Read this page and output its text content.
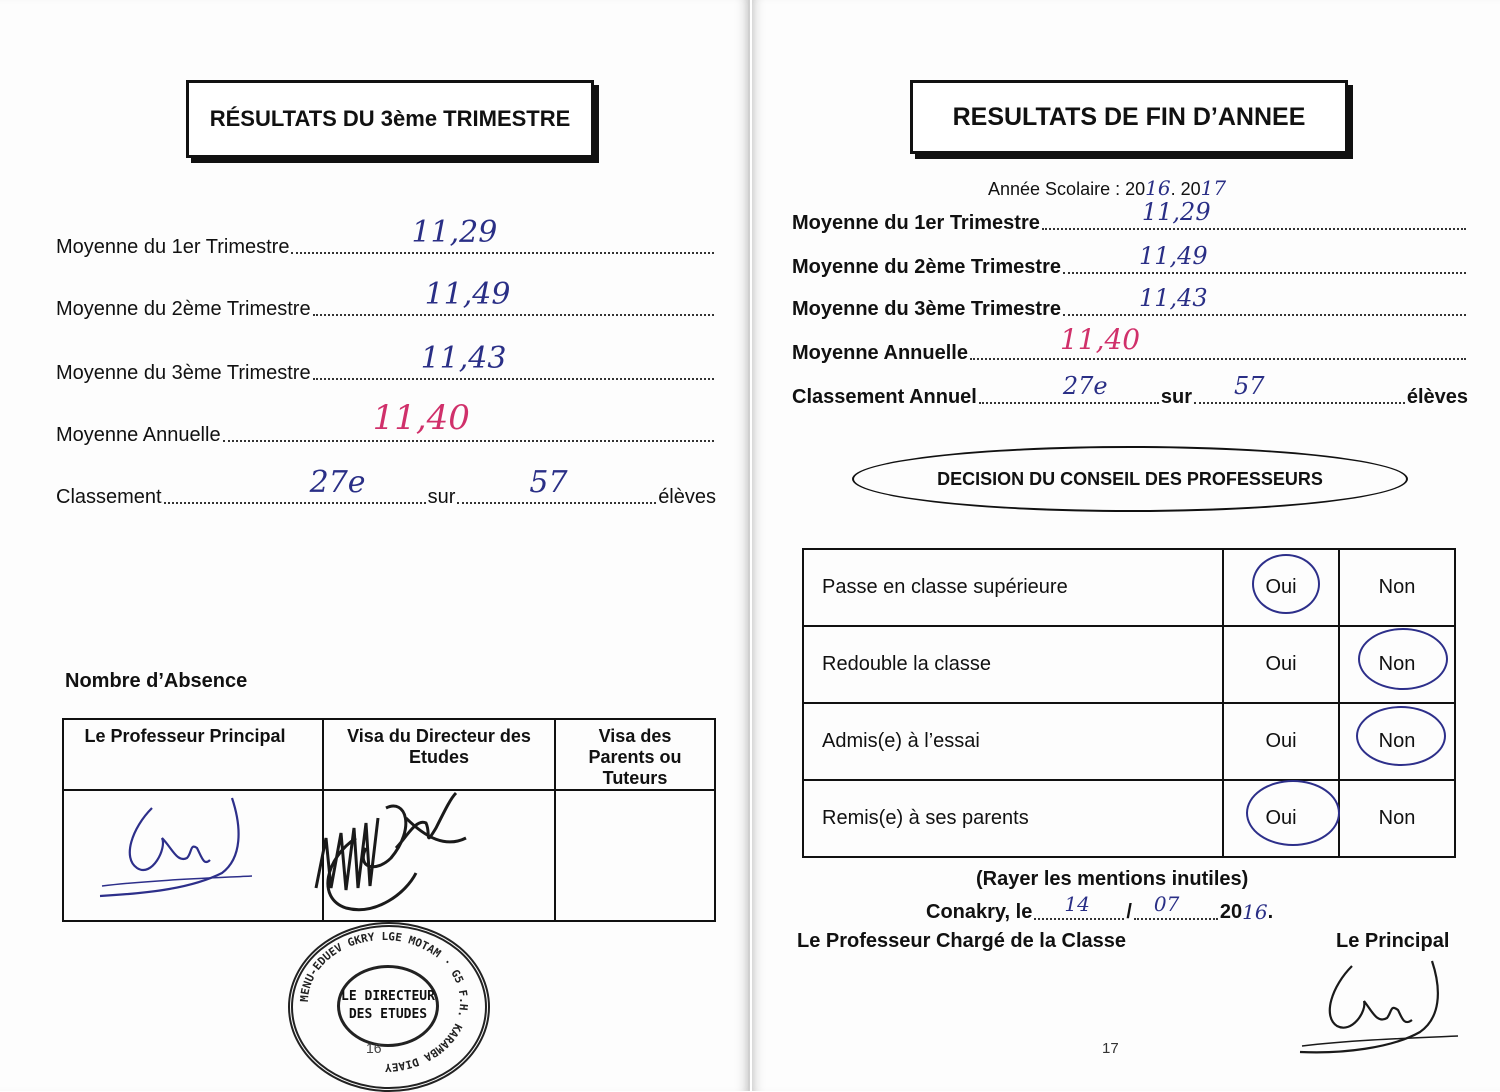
RÉSULTATS DU 3ème TRIMESTRE
Moyenne du 1er Trimestre	11,29
Moyenne du 2ème Trimestre	11,49
Moyenne du 3ème Trimestre	11,43
Moyenne Annuelle	11,40
Classement	27e	sur 57	élèves
Nombre d’Absence
Le Professeur Principal	Visa du Directeur des Etudes	Visa des Parents ou Tuteurs

MENU-EDUEV GKRY LGE MOTAM · G5 F.H. KARAMBA DIAEY
LE DIRECTEUR
DES ETUDES
16
RESULTATS DE FIN D’ANNEE
Année Scolaire : 2016. 2017
Moyenne du 1er Trimestre	11,29
Moyenne du 2ème Trimestre	11,49
Moyenne du 3ème Trimestre	11,43
Moyenne Annuelle	11,40
Classement Annuel	27e	sur 57	élèves
DECISION DU CONSEIL DES PROFESSEURS
Passe en classe supérieure	Oui	Non
Redouble la classe	Oui	Non
Admis(e) à l’essai	Oui	Non
Remis(e) à ses parents	Oui	Non
(Rayer les mentions inutiles)
Conakry, le 14 / 07 20 16 .
Le Professeur Chargé de la Classe	Le Principal
17
